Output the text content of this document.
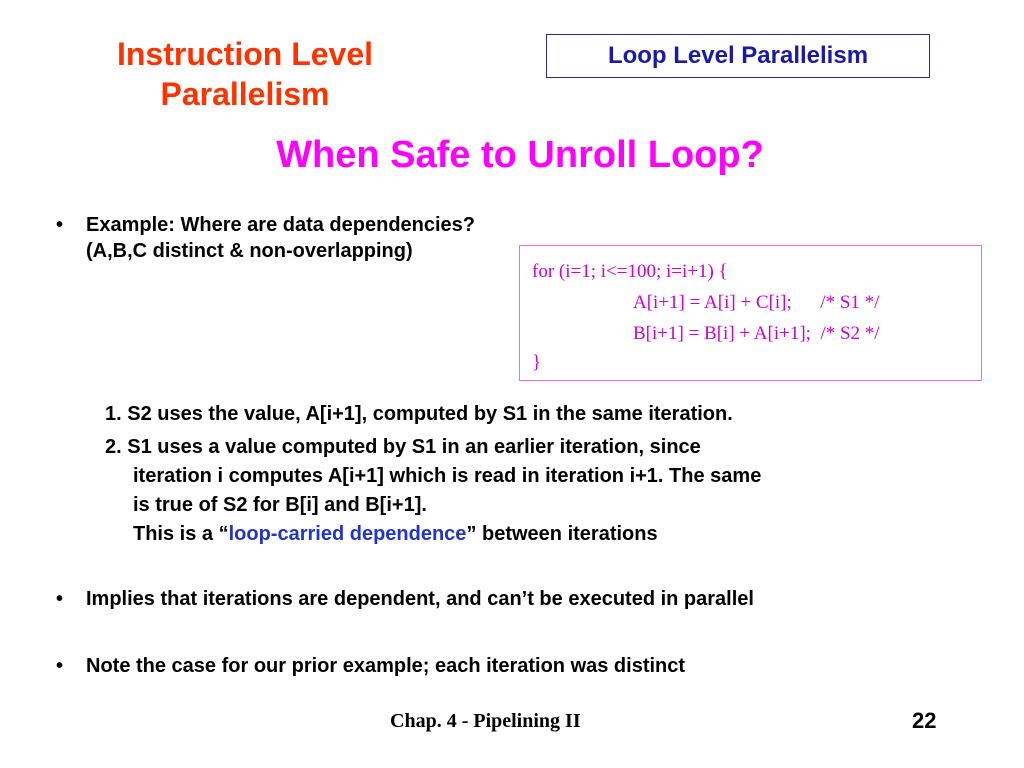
Instruction Level
Parallelism
Loop Level Parallelism
When Safe to Unroll Loop?
• Example: Where are data dependencies?
(A,B,C distinct & non-overlapping)
for (i=1; i<=100; i=i+1) {
A[i+1] = A[i] + C[i];      /* S1 */
B[i+1] = B[i] + A[i+1];  /* S2 */
}
1. S2 uses the value, A[i+1], computed by S1 in the same iteration.
2. S1 uses a value computed by S1 in an earlier iteration, since
iteration i computes A[i+1] which is read in iteration i+1. The same
is true of S2 for B[i] and B[i+1].
This is a “loop-carried dependence” between iterations
• Implies that iterations are dependent, and can’t be executed in parallel
• Note the case for our prior example; each iteration was distinct
Chap. 4 - Pipelining II	22
